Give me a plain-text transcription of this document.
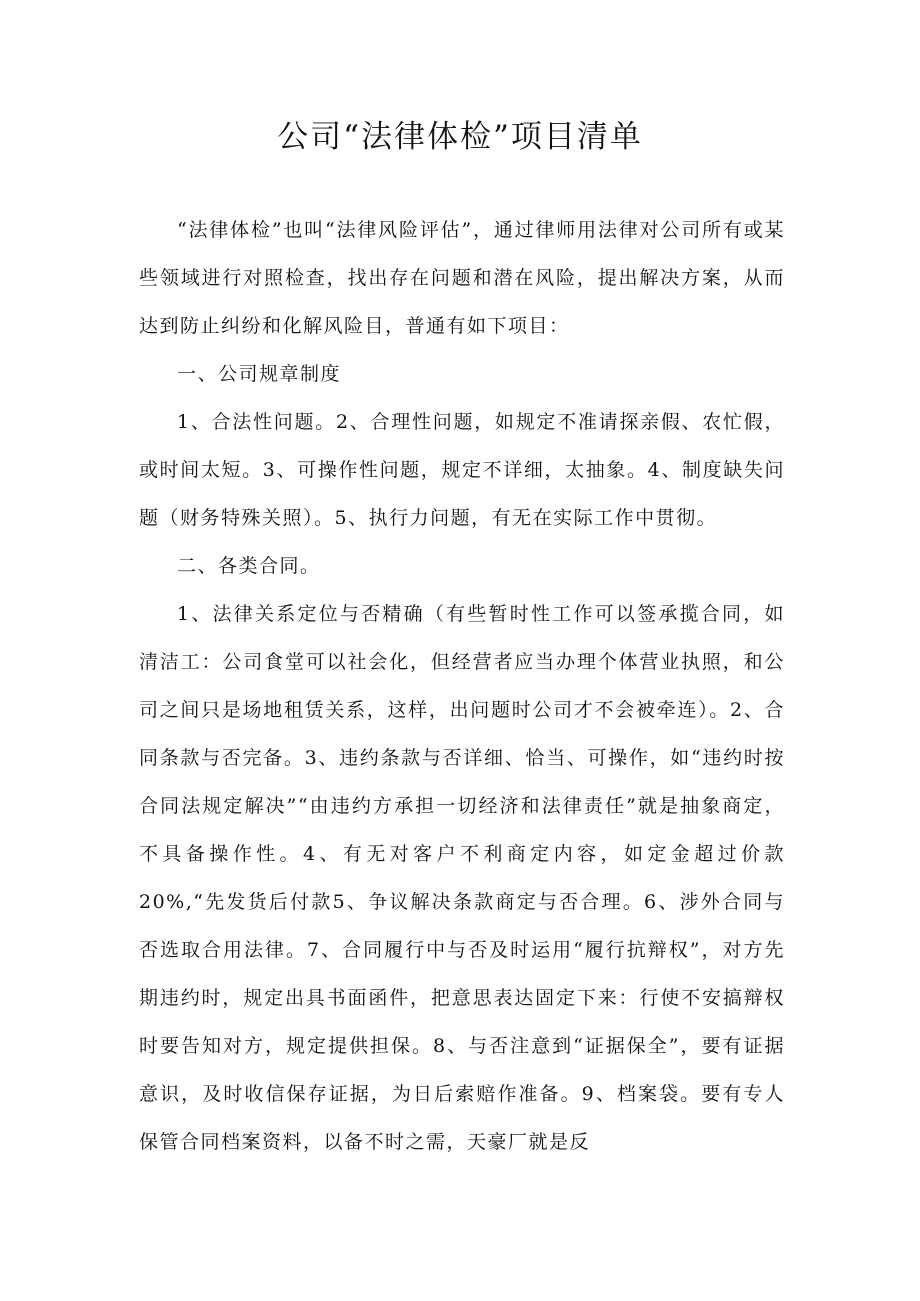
公司“法律体检”项目清单

“法律体检”也叫“法律风险评估”，通过律师用法律对公司所有或某些领域进行对照检查，找出存在问题和潜在风险，提出解决方案，从而达到防止纠纷和化解风险目，普通有如下项目：

一、公司规章制度

1、合法性问题。2、合理性问题，如规定不准请探亲假、农忙假，或时间太短。3、可操作性问题，规定不详细，太抽象。4、制度缺失问题（财务特殊关照）。5、执行力问题，有无在实际工作中贯彻。

二、各类合同。

1、法律关系定位与否精确（有些暂时性工作可以签承揽合同，如清洁工：公司食堂可以社会化，但经营者应当办理个体营业执照，和公司之间只是场地租赁关系，这样，出问题时公司才不会被牵连）。2、合同条款与否完备。3、违约条款与否详细、恰当、可操作，如“违约时按合同法规定解决”“由违约方承担一切经济和法律责任”就是抽象商定，不具备操作性。4、有无对客户不利商定内容，如定金超过价款20%,“先发货后付款5、争议解决条款商定与否合理。6、涉外合同与否选取合用法律。7、合同履行中与否及时运用“履行抗辩权”，对方先期违约时，规定出具书面函件，把意思表达固定下来：行使不安搞辩权时要告知对方，规定提供担保。8、与否注意到“证据保全”，要有证据意识，及时收信保存证据，为日后索赔作准备。9、档案袋。要有专人保管合同档案资料，以备不时之需，天豪厂就是反
